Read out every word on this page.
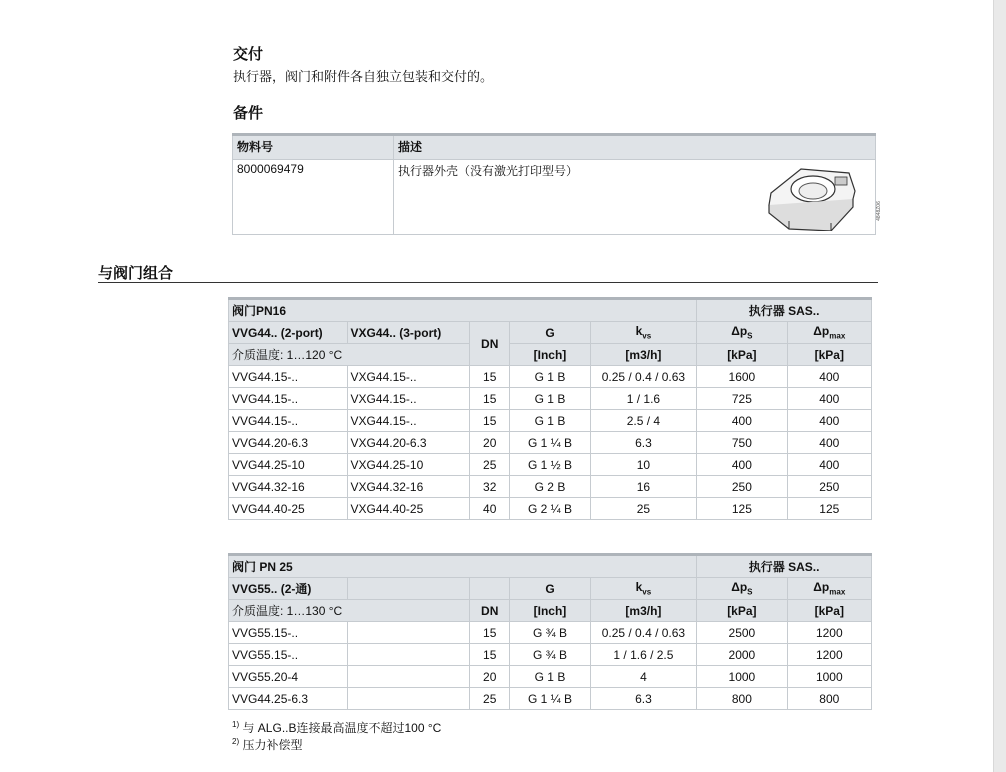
交付
执行器，阀门和附件各自独立包装和交付的。
备件
物料号	描述
8000069479	执行器外壳（没有激光打印型号）
4848Z06
与阀门组合
阀门PN16					执行器 SAS..	
VVG44.. (2-port)	VXG44.. (3-port)	DN	G	$k_{vs}$	$\Delta p_S$	$\Delta p_{max}$
介质温度: 1…120 °C			[Inch]	[m3/h]	[kPa]	[kPa]
VVG44.15-..	VXG44.15-..	15	G 1 B	0.25 / 0.4 / 0.63	1600	400
VVG44.15-..	VXG44.15-..	15	G 1 B	1 / 1.6	725	400
VVG44.15-..	VXG44.15-..	15	G 1 B	2.5 / 4	400	400
VVG44.20-6.3	VXG44.20-6.3	20	G 1 ¼ B	6.3	750	400
VVG44.25-10	VXG44.25-10	25	G 1 ½ B	10	400	400
VVG44.32-16	VXG44.32-16	32	G 2 B	16	250	250
VVG44.40-25	VXG44.40-25	40	G 2 ¼ B	25	125	125
阀门 PN 25					执行器 SAS..	
VVG55.. (2-通)			G	$k_{vs}$	$\Delta p_S$	$\Delta p_{max}$
介质温度: 1…130 °C		DN	[Inch]	[m3/h]	[kPa]	[kPa]
VVG55.15-..		15	G ¾ B	0.25 / 0.4 / 0.63	2500	1200
VVG55.15-..		15	G ¾ B	1 / 1.6 / 2.5	2000	1200
VVG55.20-4		20	G 1 B	4	1000	1000
VVG44.25-6.3		25	G 1 ¼ B	6.3	800	800
$^{1)}$ 与 ALG..B连接最高温度不超过100 °C
$^{2)}$ 压力补偿型
